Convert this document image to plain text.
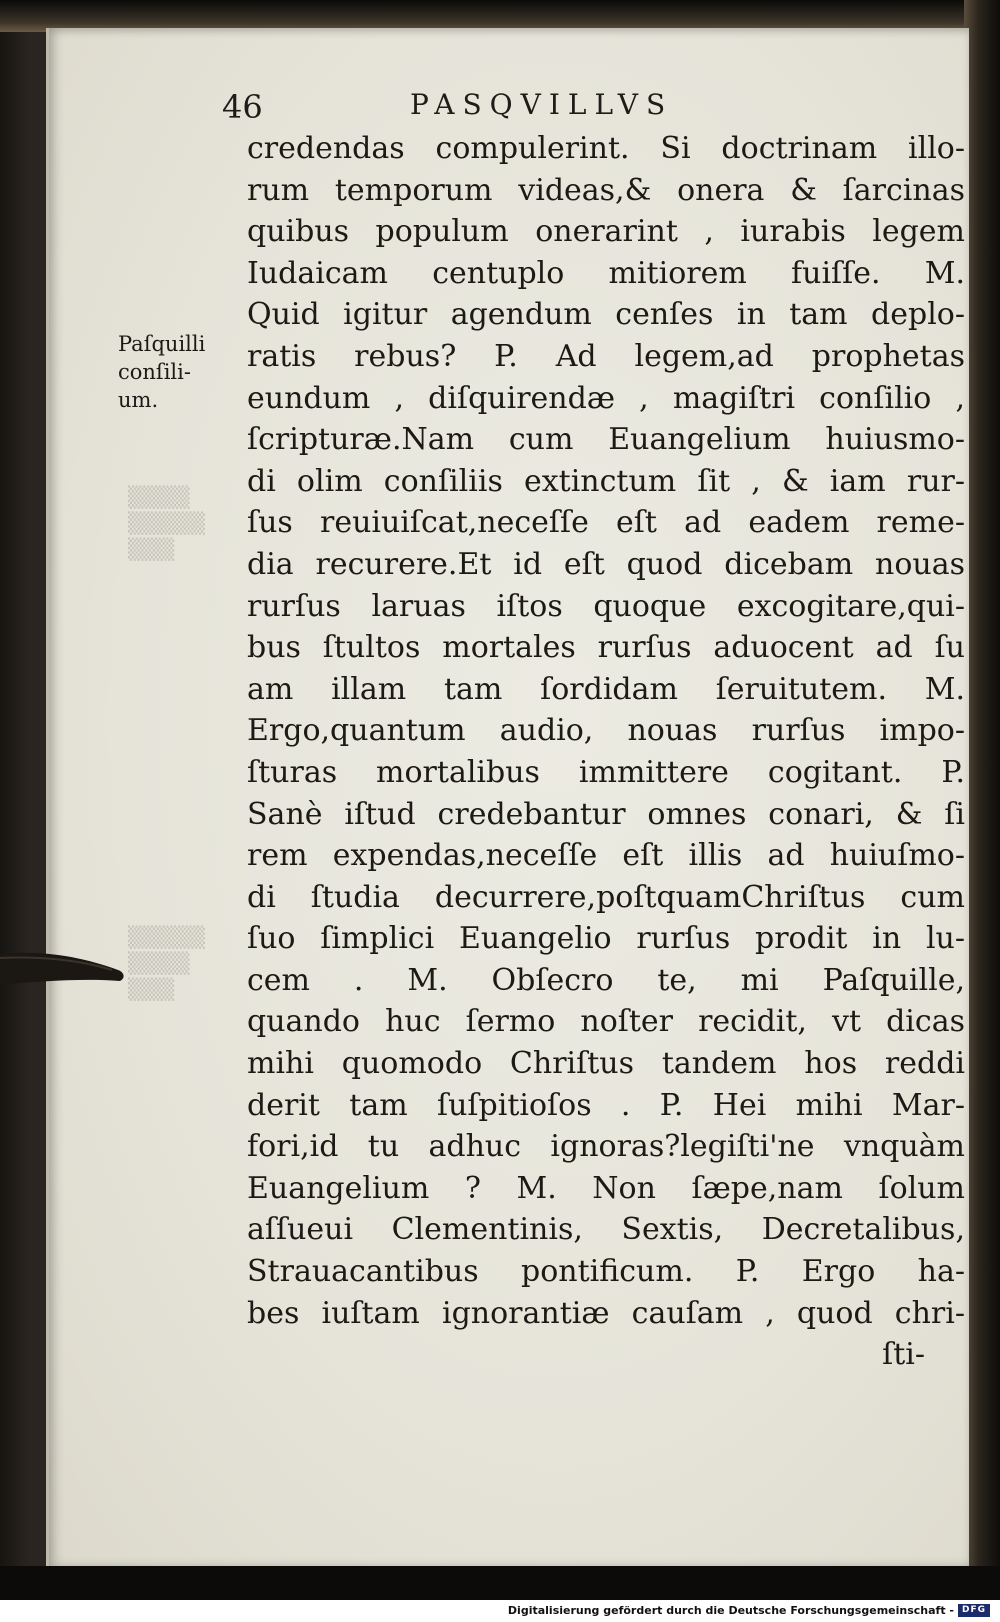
▒▒▒▒
▒▒▒▒▒
▒▒▒
▒▒▒▒▒
▒▒▒▒
▒▒▒
46	PASQVILLVS
Paſquilli
conſili-
um.
credendas compulerint. Si doctrinam illo-
rum temporum videas,& onera & ſarcinas
quibus populum onerarint , iurabis legem
Iudaicam centuplo mitiorem fuiſſe. M.
Quid igitur agendum cenſes in tam deplo-
ratis rebus? P. Ad legem,ad prophetas
eundum , diſquirendæ , magiſtri conſilio ,
ſcripturæ.Nam cum Euangelium huiusmo-
di olim conſiliis extinctum ſit , & iam rur-
ſus reuiuiſcat,neceſſe eſt ad eadem reme-
dia recurere.Et id eſt quod dicebam nouas
rurſus laruas iſtos quoque excogitare,qui-
bus ſtultos mortales rurſus aduocent ad ſu
am illam tam ſordidam ſeruitutem. M.
Ergo,quantum audio, nouas rurſus impo-
ſturas mortalibus immittere cogitant. P.
Sanè iſtud credebantur omnes conari, & ſi
rem expendas,neceſſe eſt illis ad huiuſmo-
di ſtudia decurrere,poſtquamChriſtus cum
ſuo ſimplici Euangelio rurſus prodit in lu-
cem . M. Obſecro te, mi Paſquille,
quando huc ſermo noſter recidit, vt dicas
mihi quomodo Chriſtus tandem hos reddi
derit tam ſuſpitioſos . P. Hei mihi Mar-
fori,id tu adhuc ignoras?legiſti'ne vnquàm
Euangelium ? M. Non ſæpe,nam ſolum
aſſueui Clementinis, Sextis, Decretalibus,
Strauacantibus pontificum. P. Ergo ha-
bes iuſtam ignorantiæ cauſam , quod chri-
ſti-
Digitalisierung gefördert durch die Deutsche Forschungsgemeinschaft - DFG
